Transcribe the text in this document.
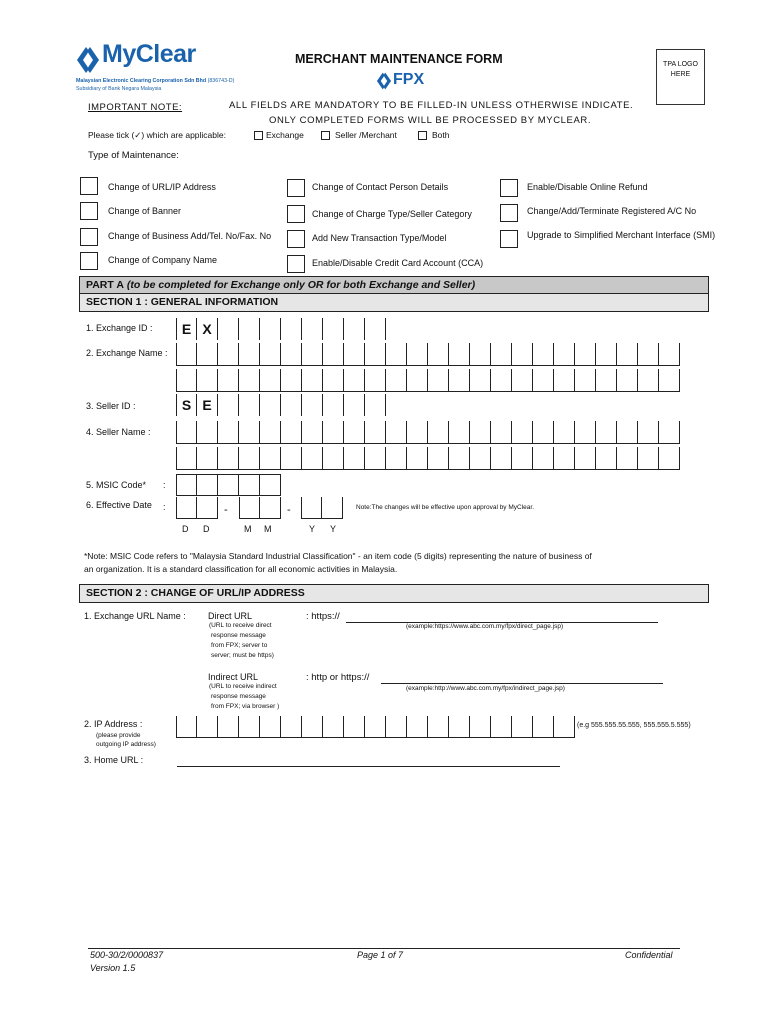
MyClear
Malaysian Electronic Clearing Corporation Sdn Bhd (836743-D)
Subsidiary of Bank Negara Malaysia
MERCHANT MAINTENANCE FORM
FPX
TPA LOGO HERE
IMPORTANT NOTE:	ALL FIELDS ARE MANDATORY TO BE FILLED-IN UNLESS OTHERWISE INDICATE.
ONLY COMPLETED FORMS WILL BE PROCESSED BY MYCLEAR.
Please tick (✓) which are applicable:	Exchange	Seller /Merchant	Both
Type of Maintenance:
Change of URL/IP Address
Change of Banner
Change of Business Add/Tel. No/Fax. No
Change of Company Name
Change of Contact Person Details
Change of Charge Type/Seller Category
Add New Transaction Type/Model
Enable/Disable Credit Card Account (CCA)
Enable/Disable Online Refund
Change/Add/Terminate Registered A/C No
Upgrade to Simplified Merchant Interface (SMI)
PART A (to be completed for Exchange only OR for both Exchange and Seller)
SECTION 1 : GENERAL INFORMATION
1. Exchange ID :	E X
2. Exchange Name :
3. Seller ID :	S E
4. Seller Name :
5. MSIC Code* :
6. Effective Date :	-	-	Note:The changes will be effective upon approval by MyClear.
D D	M M	Y Y
*Note: MSIC Code refers to "Malaysia Standard Industrial Classification" - an item code (5 digits) representing the nature of business of
an organization. It is a standard classification for all economic activities in Malaysia.
SECTION 2 : CHANGE OF URL/IP ADDRESS
1. Exchange URL Name : Direct URL
(URL to receive direct
response message
from FPX; server to
server; must be https)
: https://
(example:https://www.abc.com.my/fpx/direct_page.jsp)
Indirect URL
(URL to receive indirect
response message
from FPX; via browser )
: http or https://
(example:http://www.abc.com.my/fpx/indirect_page.jsp)
2. IP Address :
(please provide
outgoing IP address)
(e.g 555.555.55.555, 555.555.5.555)
3. Home URL :
500-30/2/0000837
Version 1.5
Page 1 of 7	Confidential
